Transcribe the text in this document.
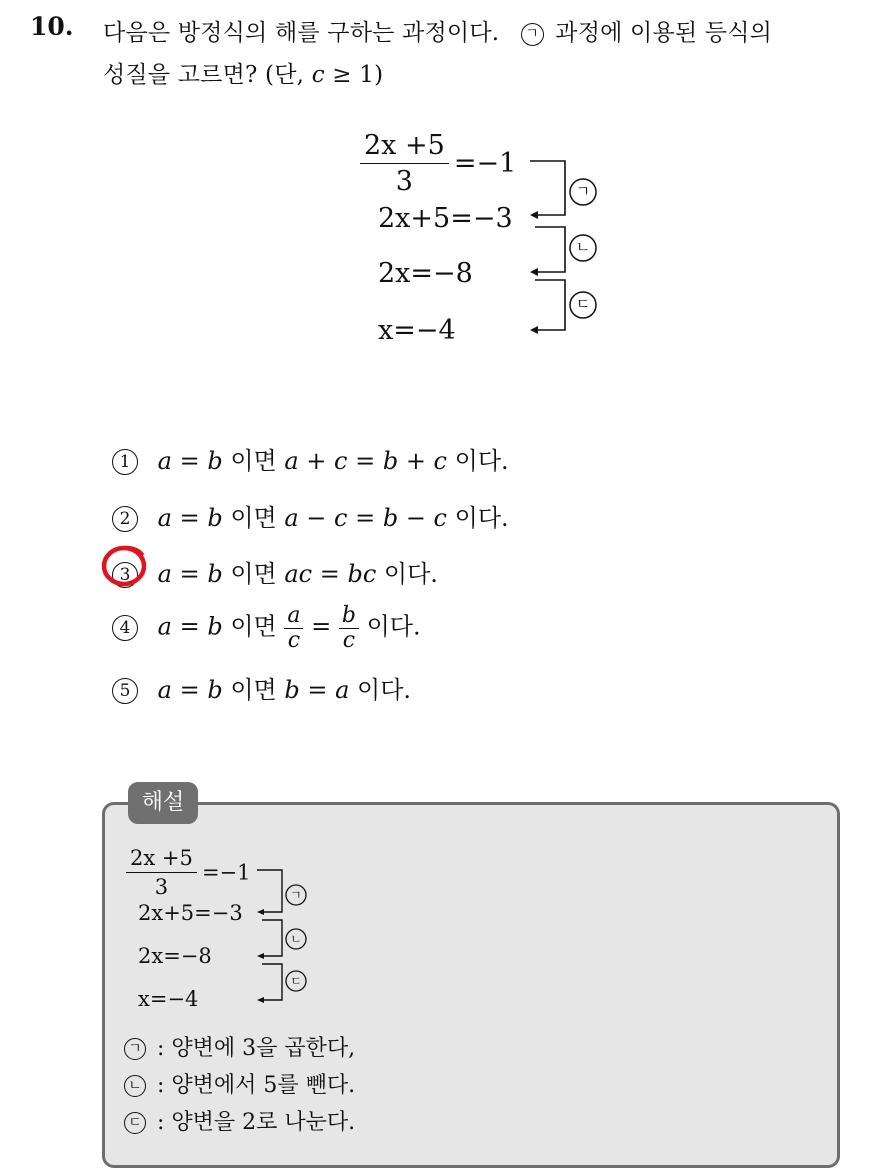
10. 다음은 방정식의 해를 구하는 과정이다. ㄱ 과정에 이용된 등식의
성질을 고르면? (단, c ≥ 1)
$\frac{2x +5}{3} =-1$
2x+5=−3
2x=−8
x=−4
ㄱ
ㄴ
ㄷ
1 a = b 이면 a + c = b + c 이다.
2 a = b 이면 a − c = b − c 이다.
3 a = b 이면 ac = bc 이다.
4 a = b 이면 $\frac{a}{c} = \frac{b}{c}$ 이다.
5 a = b 이면 b = a 이다.
해설
$\frac{2x +5}{3} =-1$
2x+5=−3
2x=−8
x=−4
ㄱ
ㄴ
ㄷ
ㄱ : 양변에 3을 곱한다,
ㄴ : 양변에서 5를 뺀다.
ㄷ : 양변을 2로 나눈다.
